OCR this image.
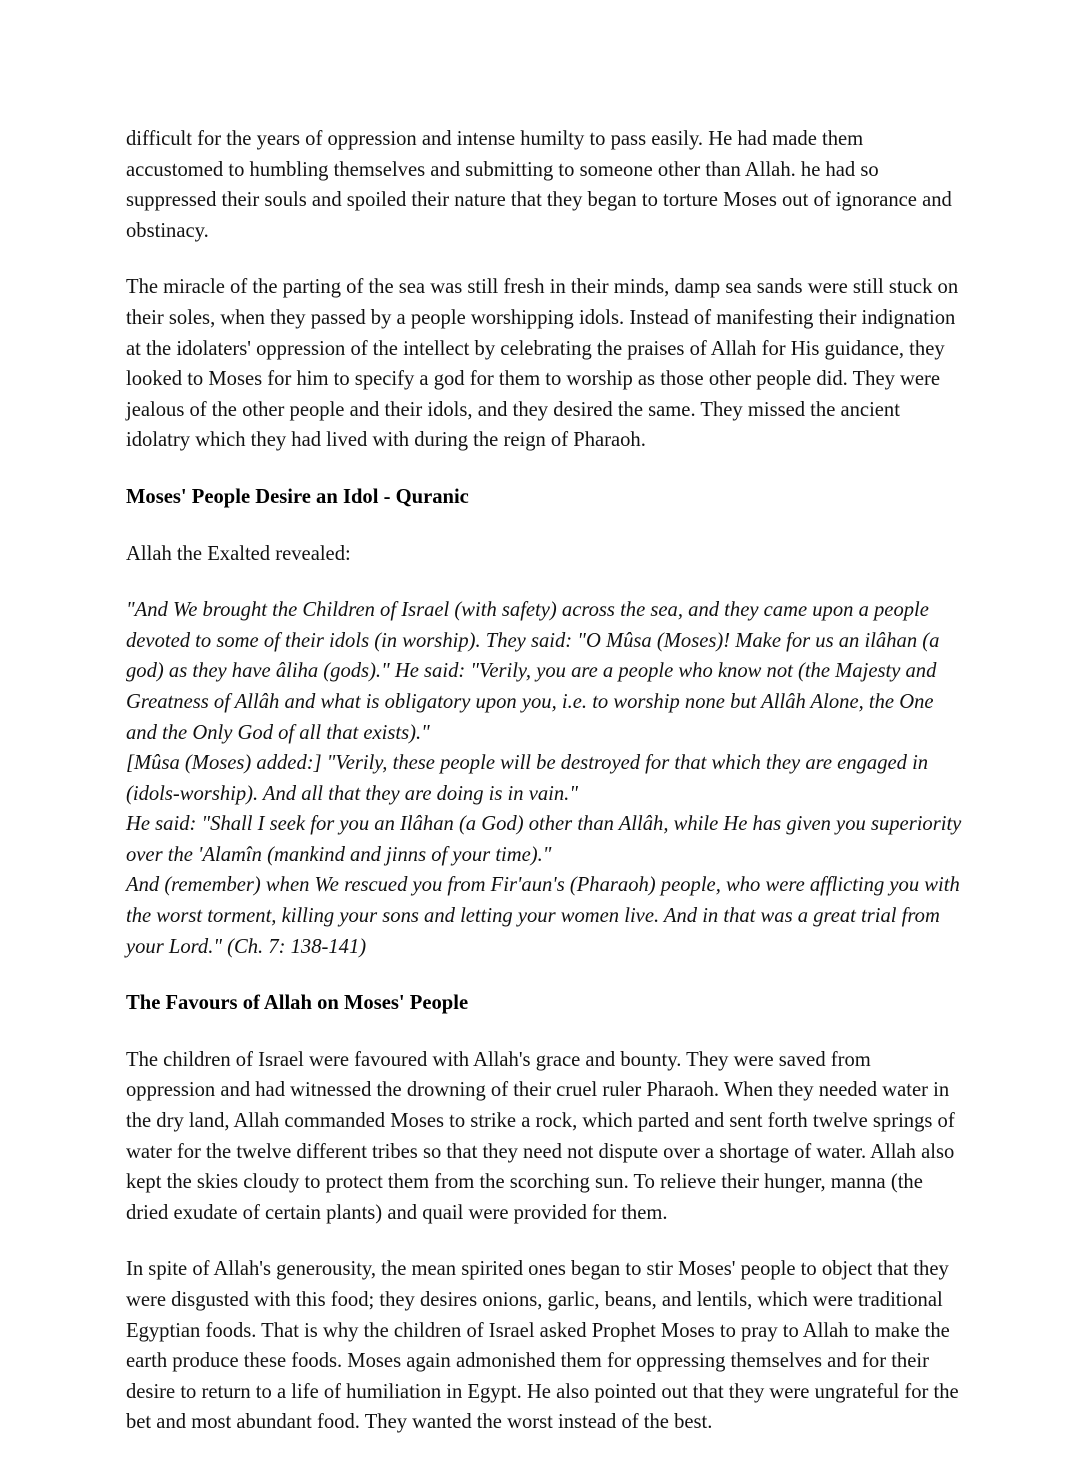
difficult for the years of oppression and intense humilty to pass easily. He had made them accustomed to humbling themselves and submitting to someone other than Allah. he had so suppressed their souls and spoiled their nature that they began to torture Moses out of ignorance and obstinacy.

The miracle of the parting of the sea was still fresh in their minds, damp sea sands were still stuck on their soles, when they passed by a people worshipping idols. Instead of manifesting their indignation at the idolaters' oppression of the intellect by celebrating the praises of Allah for His guidance, they looked to Moses for him to specify a god for them to worship as those other people did. They were jealous of the other people and their idols, and they desired the same. They missed the ancient idolatry which they had lived with during the reign of Pharaoh.

Moses' People Desire an Idol - Quranic

Allah the Exalted revealed:

"And We brought the Children of Israel (with safety) across the sea, and they came upon a people devoted to some of their idols (in worship). They said: "O Mûsa (Moses)! Make for us an ilâhan (a god) as they have âliha (gods)." He said: "Verily, you are a people who know not (the Majesty and Greatness of Allâh and what is obligatory upon you, i.e. to worship none but Allâh Alone, the One and the Only God of all that exists)."
[Mûsa (Moses) added:] "Verily, these people will be destroyed for that which they are engaged in (idols-worship). And all that they are doing is in vain."
He said: "Shall I seek for you an Ilâhan (a God) other than Allâh, while He has given you superiority over the 'Alamîn (mankind and jinns of your time)."
And (remember) when We rescued you from Fir'aun's (Pharaoh) people, who were afflicting you with the worst torment, killing your sons and letting your women live. And in that was a great trial from your Lord." (Ch. 7: 138-141)
The Favours of Allah on Moses' People

The children of Israel were favoured with Allah's grace and bounty. They were saved from oppression and had witnessed the drowning of their cruel ruler Pharaoh. When they needed water in the dry land, Allah commanded Moses to strike a rock, which parted and sent forth twelve springs of water for the twelve different tribes so that they need not dispute over a shortage of water. Allah also kept the skies cloudy to protect them from the scorching sun. To relieve their hunger, manna (the dried exudate of certain plants) and quail were provided for them.

In spite of Allah's generousity, the mean spirited ones began to stir Moses' people to object that they were disgusted with this food; they desires onions, garlic, beans, and lentils, which were traditional Egyptian foods. That is why the children of Israel asked Prophet Moses to pray to Allah to make the earth produce these foods. Moses again admonished them for oppressing themselves and for their desire to return to a life of humiliation in Egypt. He also pointed out that they were ungrateful for the bet and most abundant food. They wanted the worst instead of the best.
